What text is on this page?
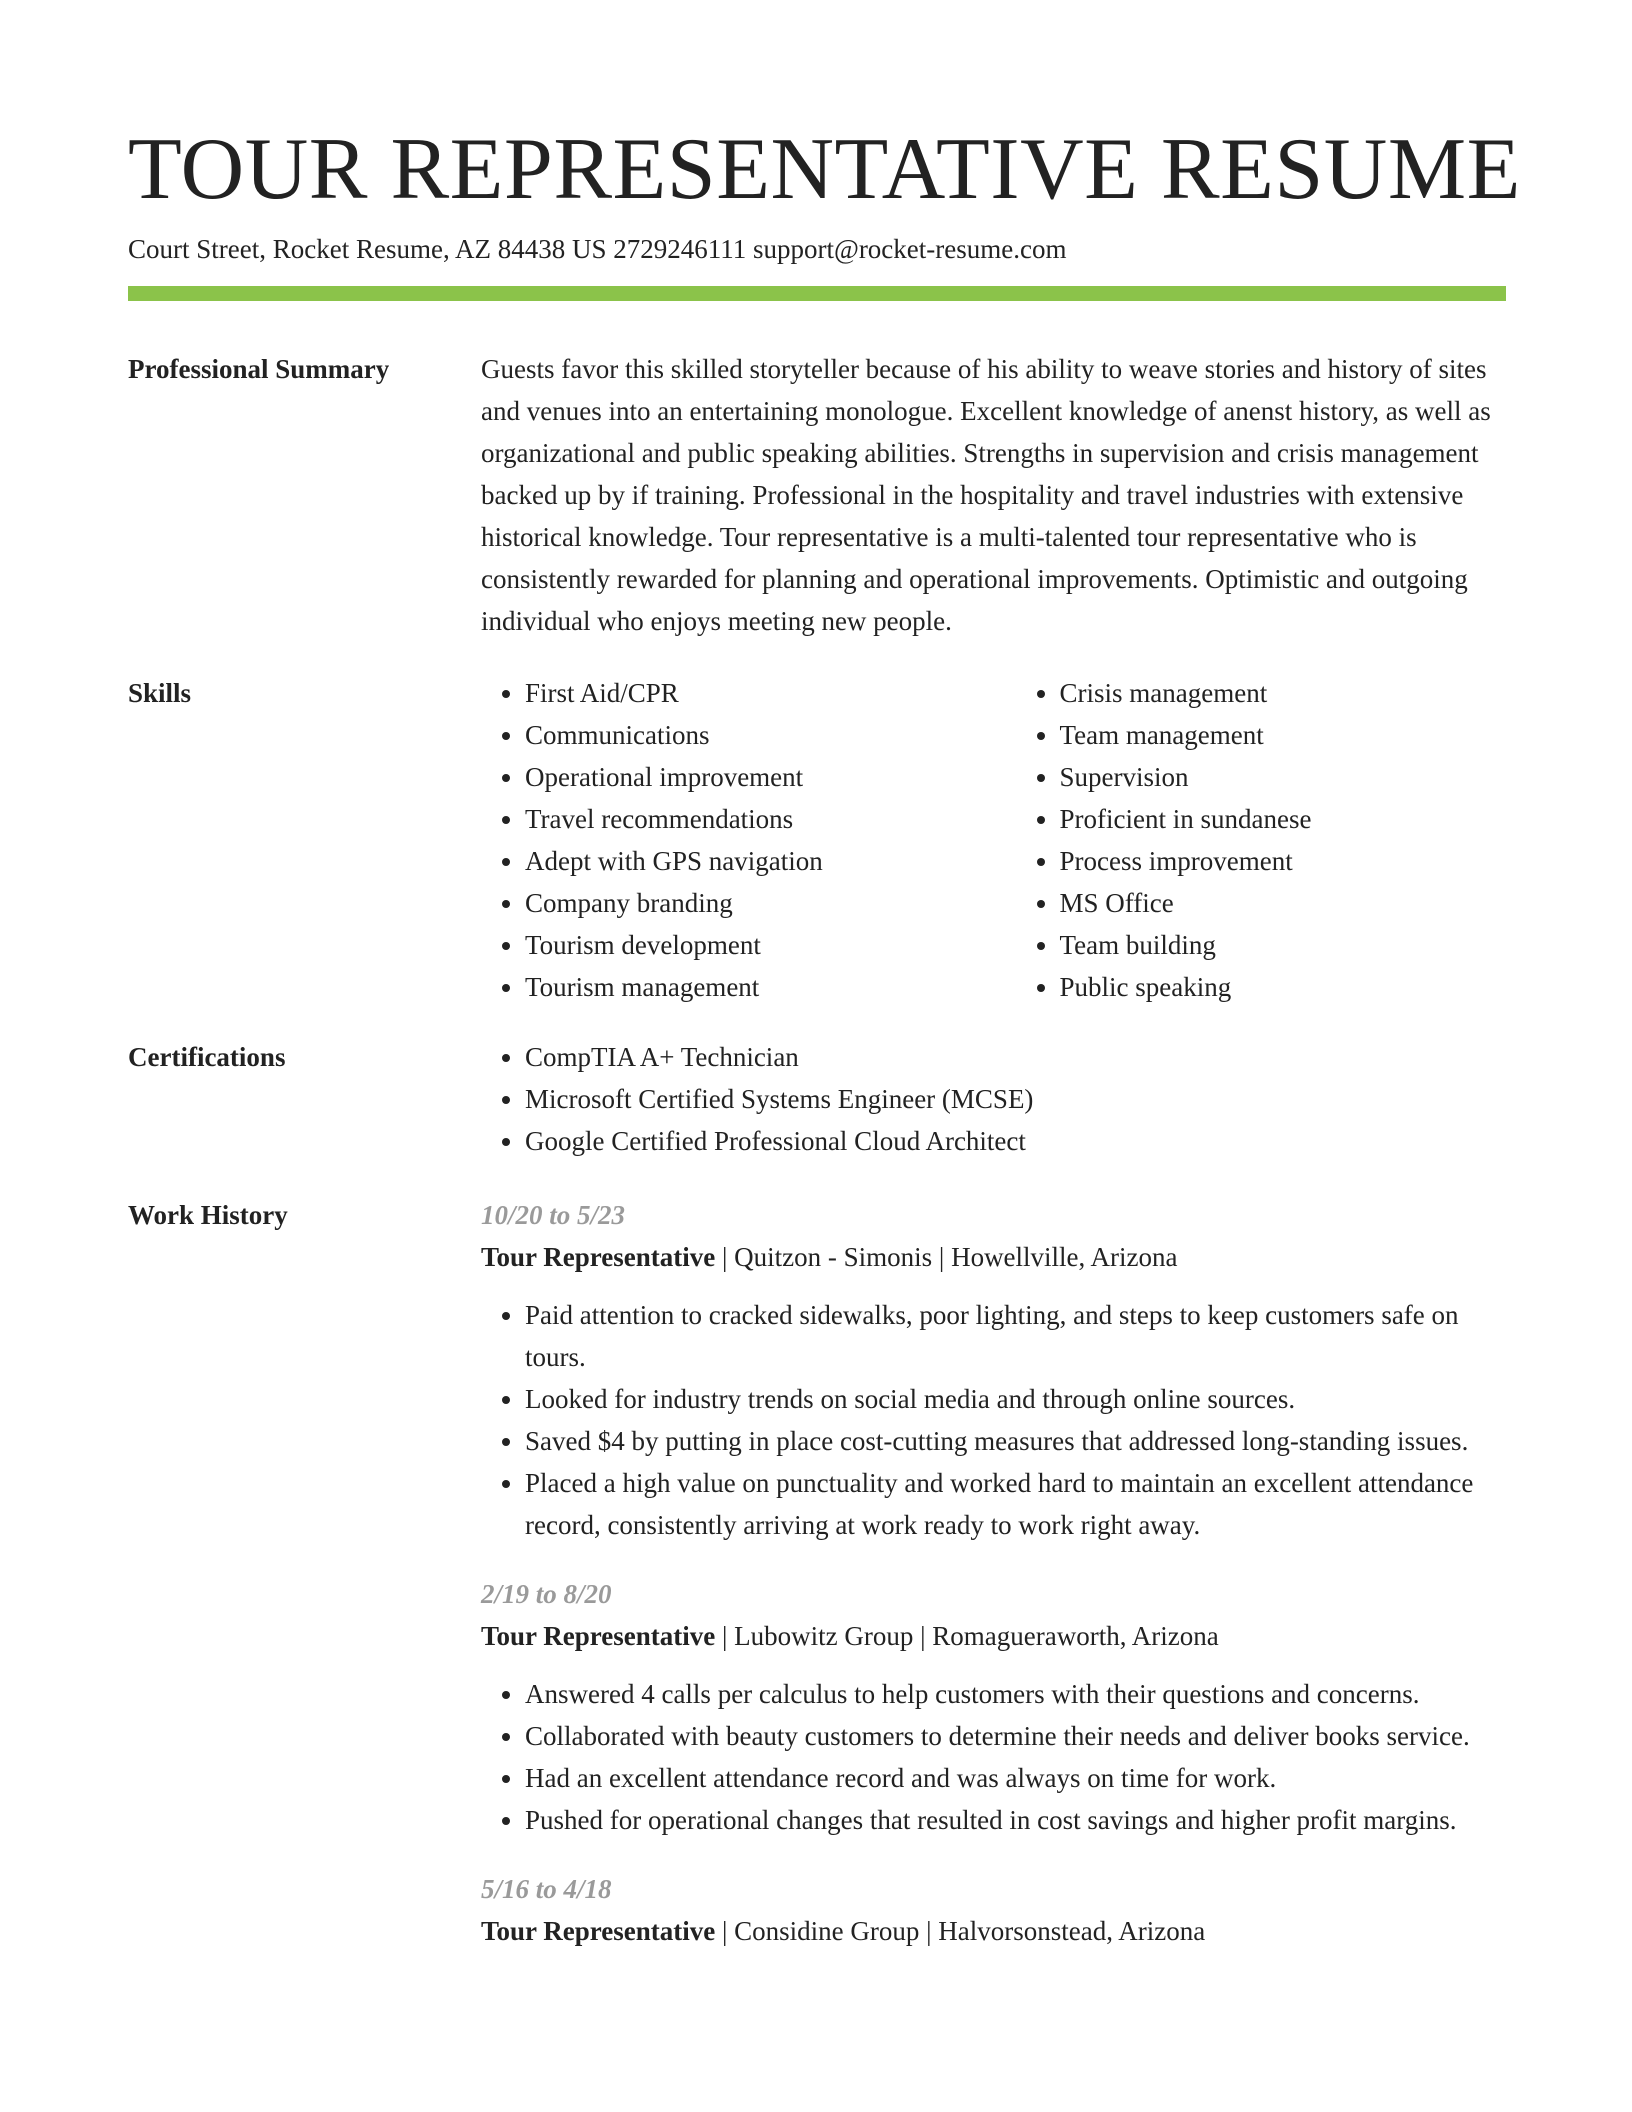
TOUR REPRESENTATIVE RESUME
Court Street, Rocket Resume, AZ 84438 US 2729246111 support@rocket-resume.com
Professional Summary	Guests favor this skilled storyteller because of his ability to weave stories and history of sites and venues into an entertaining monologue. Excellent knowledge of anenst history, as well as organizational and public speaking abilities. Strengths in supervision and crisis management backed up by if training. Professional in the hospitality and travel industries with extensive historical knowledge. Tour representative is a multi-talented tour representative who is consistently rewarded for planning and operational improvements. Optimistic and outgoing individual who enjoys meeting new people.

Skills	• First Aid/CPR
• Communications
• Operational improvement
• Travel recommendations
• Adept with GPS navigation
• Company branding
• Tourism development
• Tourism management
• Crisis management
• Team management
• Supervision
• Proficient in sundanese
• Process improvement
• MS Office
• Team building
• Public speaking
Certifications	• CompTIA A+ Technician
• Microsoft Certified Systems Engineer (MCSE)
• Google Certified Professional Cloud Architect
Work History	10/20 to 5/23
Tour Representative | Quitzon - Simonis | Howellville, Arizona
• Paid attention to cracked sidewalks, poor lighting, and steps to keep customers safe on tours.
• Looked for industry trends on social media and through online sources.
• Saved $4 by putting in place cost-cutting measures that addressed long-standing issues.
• Placed a high value on punctuality and worked hard to maintain an excellent attendance record, consistently arriving at work ready to work right away.
2/19 to 8/20
Tour Representative | Lubowitz Group | Romagueraworth, Arizona
• Answered 4 calls per calculus to help customers with their questions and concerns.
• Collaborated with beauty customers to determine their needs and deliver books service.
• Had an excellent attendance record and was always on time for work.
• Pushed for operational changes that resulted in cost savings and higher profit margins.
5/16 to 4/18
Tour Representative | Considine Group | Halvorsonstead, Arizona
